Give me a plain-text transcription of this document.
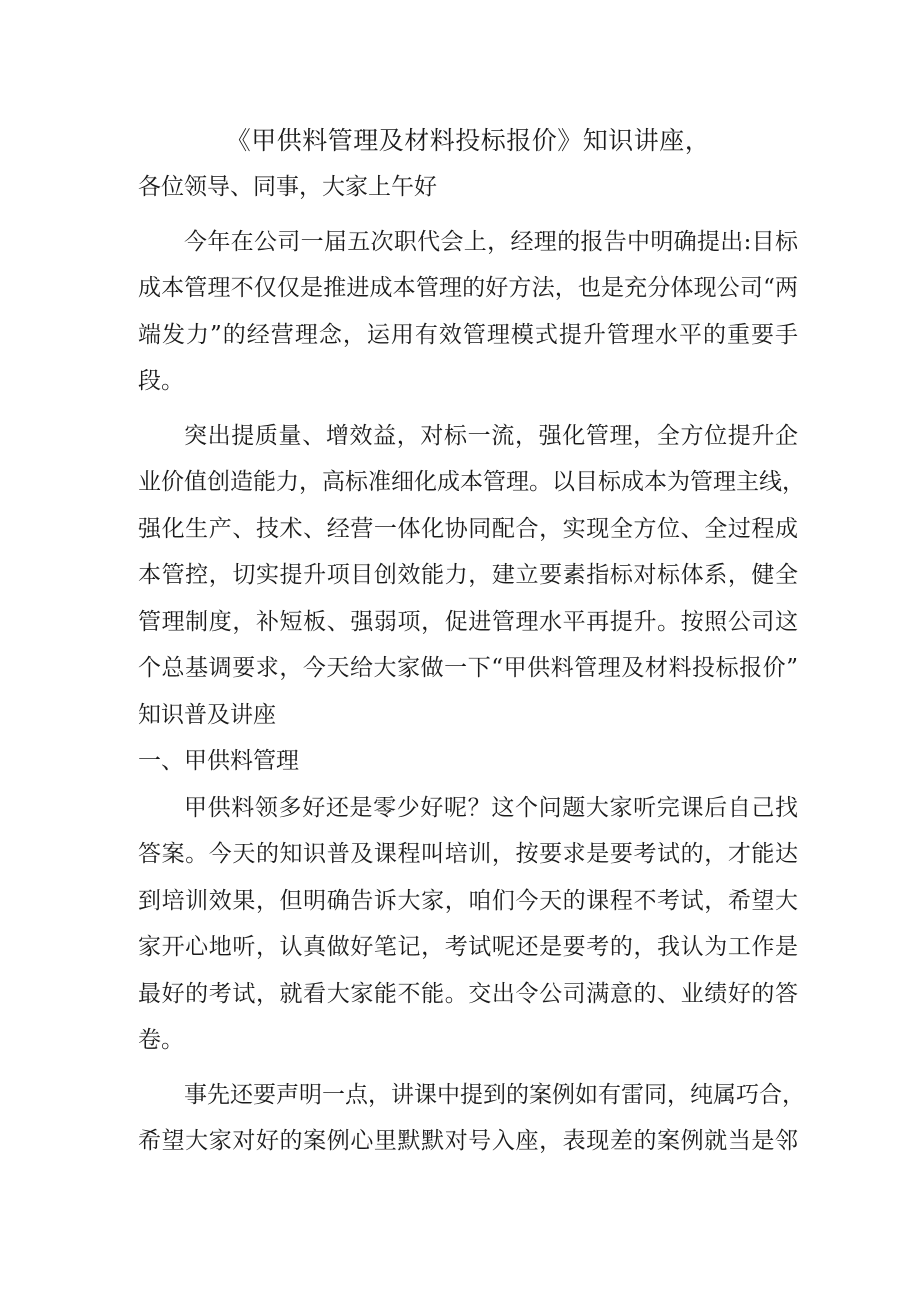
《甲供料管理及材料投标报价》知识讲座，
各位领导、同事，大家上午好
今年在公司一届五次职代会上，经理的报告中明确提出:目标
成本管理不仅仅是推进成本管理的好方法，也是充分体现公司“两
端发力”的经营理念，运用有效管理模式提升管理水平的重要手
段。
突出提质量、增效益，对标一流，强化管理，全方位提升企
业价值创造能力，高标准细化成本管理。以目标成本为管理主线，
强化生产、技术、经营一体化协同配合，实现全方位、全过程成
本管控，切实提升项目创效能力，建立要素指标对标体系，健全
管理制度，补短板、强弱项，促进管理水平再提升。按照公司这
个总基调要求，今天给大家做一下“甲供料管理及材料投标报价”
知识普及讲座
一、甲供料管理
甲供料领多好还是零少好呢？这个问题大家听完课后自己找
答案。今天的知识普及课程叫培训，按要求是要考试的，才能达
到培训效果，但明确告诉大家，咱们今天的课程不考试，希望大
家开心地听，认真做好笔记，考试呢还是要考的，我认为工作是
最好的考试，就看大家能不能。交出令公司满意的、业绩好的答
卷。
事先还要声明一点，讲课中提到的案例如有雷同，纯属巧合，
希望大家对好的案例心里默默对号入座，表现差的案例就当是邻
